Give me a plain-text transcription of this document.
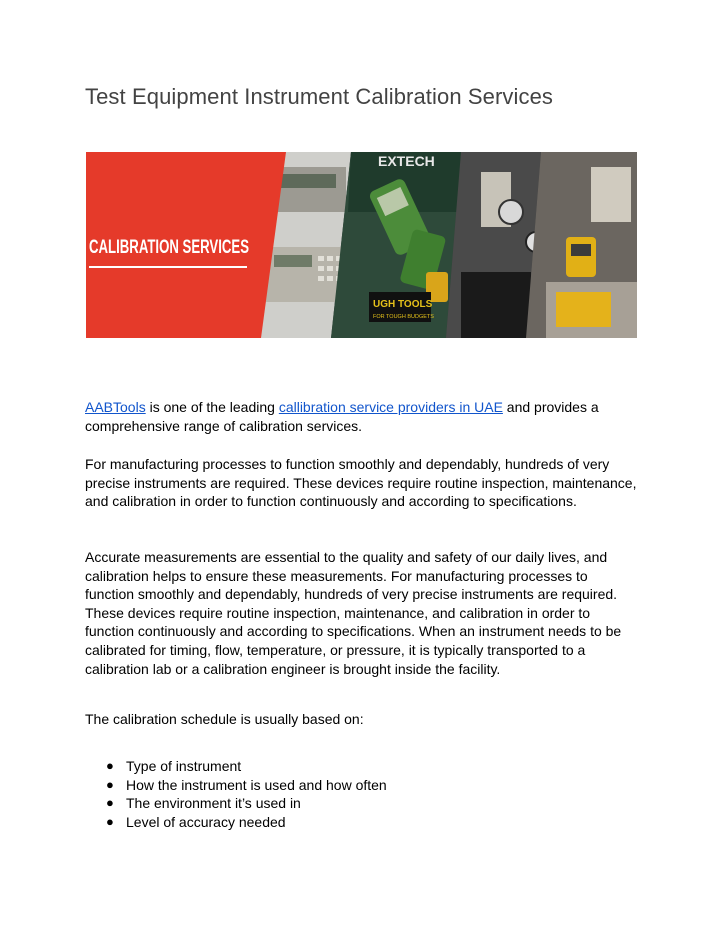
Test Equipment Instrument Calibration Services
EXTECH
UGH TOOLS
FOR TOUGH BUDGETS
CALIBRATION SERVICES

AABTools is one of the leading callibration service providers in UAE and provides a comprehensive range of calibration services.

For manufacturing processes to function smoothly and dependably, hundreds of very precise instruments are required. These devices require routine inspection, maintenance, and calibration in order to function continuously and according to specifications.

Accurate measurements are essential to the quality and safety of our daily lives, and calibration helps to ensure these measurements. For manufacturing processes to function smoothly and dependably, hundreds of very precise instruments are required. These devices require routine inspection, maintenance, and calibration in order to function continuously and according to specifications. When an instrument needs to be calibrated for timing, flow, temperature, or pressure, it is typically transported to a calibration lab or a calibration engineer is brought inside the facility.

The calibration schedule is usually based on:

● Type of instrument
● How the instrument is used and how often
● The environment it’s used in
● Level of accuracy needed
